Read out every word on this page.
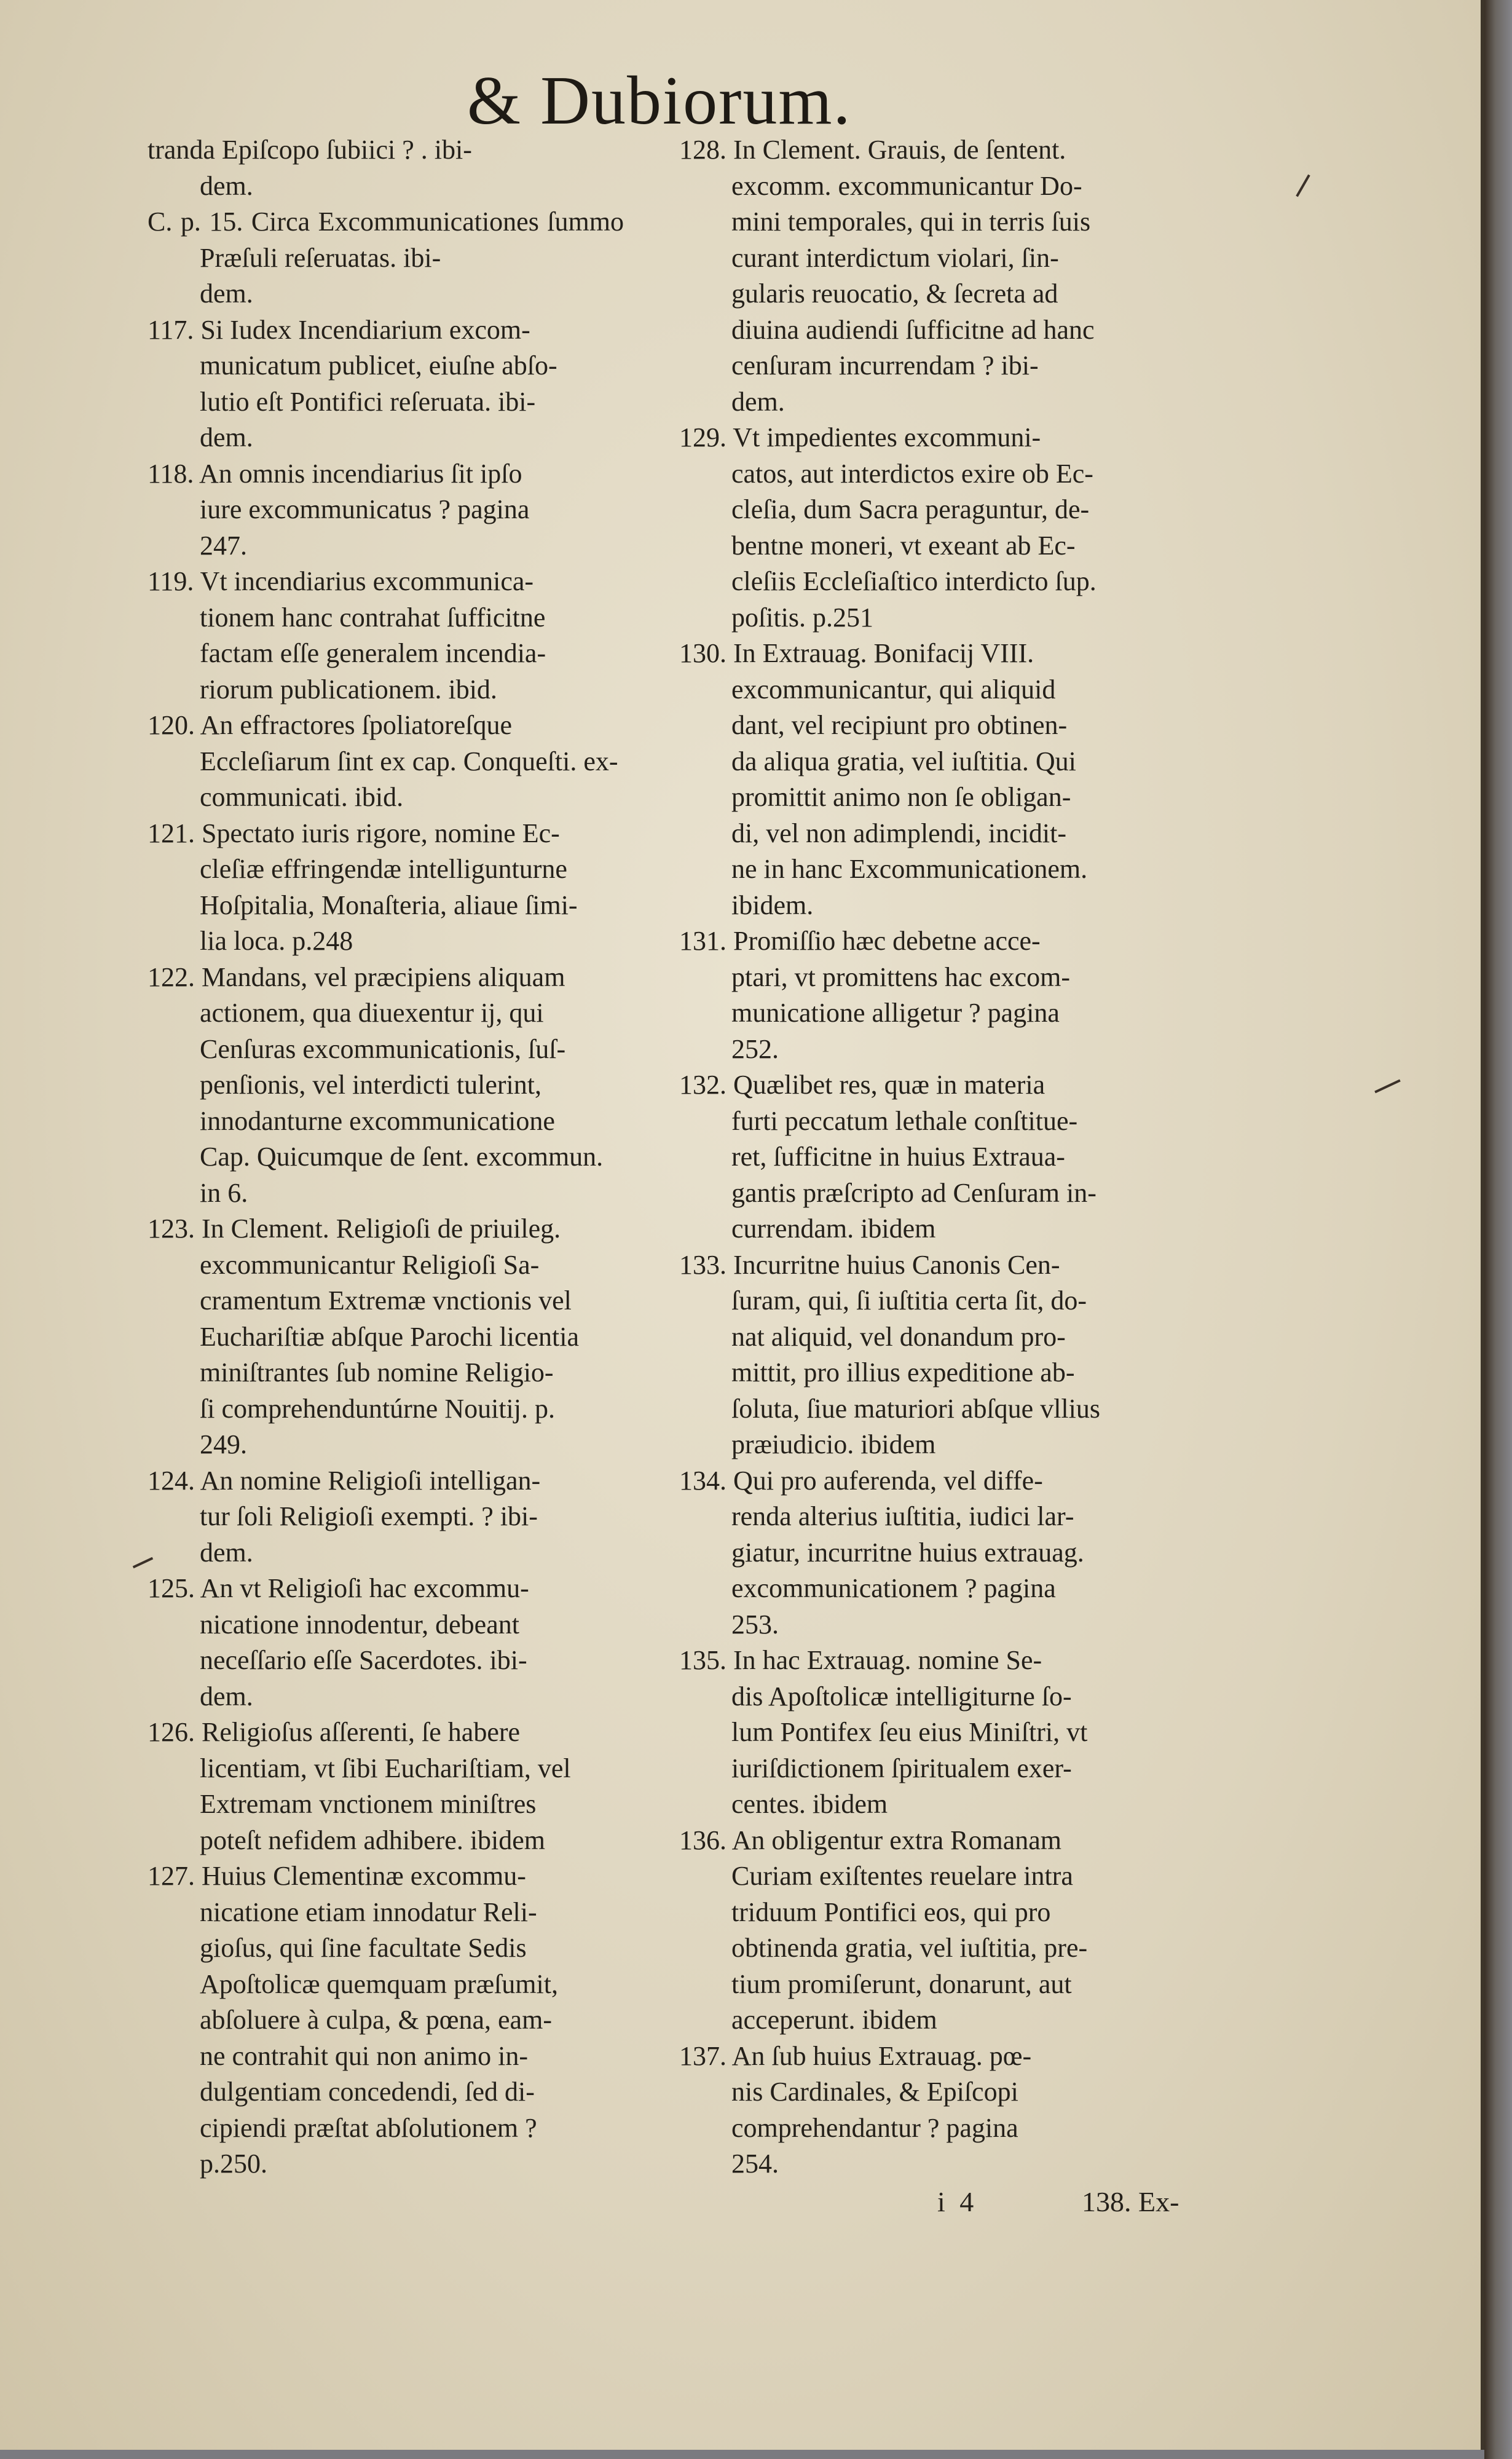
& Dubiorum.

tranda Epiſcopo ſubiici ? . ibi-
dem.

C. p. 15. Circa Excommunicationes ſummo Præſuli reſeruatas. ibi-
dem.

117. Si Iudex Incendiarium excom-
municatum publicet, eiuſne abſo-
lutio eſt Pontifici reſeruata. ibi-
dem.

118. An omnis incendiarius ſit ipſo
iure excommunicatus ? pagina
247.

119. Vt incendiarius excommunica-
tionem hanc contrahat ſufficitne
factam eſſe generalem incendia-
riorum publicationem. ibid.

120. An effractores ſpoliatoreſque
Eccleſiarum ſint ex cap. Conqueſti. ex-
communicati. ibid.

121. Spectato iuris rigore, nomine Ec-
cleſiæ effringendæ intelligunturne
Hoſpitalia, Monaſteria, aliaue ſimi-
lia loca. p.248

122. Mandans, vel præcipiens aliquam
actionem, qua diuexentur ij, qui
Cenſuras excommunicationis, ſuſ-
penſionis, vel interdicti tulerint,
innodanturne excommunicatione
Cap. Quicumque de ſent. excommun.
in 6.

123. In Clement. Religioſi de priuileg.
excommunicantur Religioſi Sa-
cramentum Extremæ vnctionis vel
Euchariſtiæ abſque Parochi licentia
miniſtrantes ſub nomine Religio-
ſi comprehenduntúrne Nouitij. p.
249.

124. An nomine Religioſi intelligan-
tur ſoli Religioſi exempti. ? ibi-
dem.

125. An vt Religioſi hac excommu-
nicatione innodentur, debeant
neceſſario eſſe Sacerdotes. ibi-
dem.

126. Religioſus aſſerenti, ſe habere
licentiam, vt ſibi Euchariſtiam, vel
Extremam vnctionem miniſtres
poteſt nefidem adhibere. ibidem

127. Huius Clementinæ excommu-
nicatione etiam innodatur Reli-
gioſus, qui ſine facultate Sedis
Apoſtolicæ quemquam præſumit,
abſoluere à culpa, & pœna, eam-
ne contrahit qui non animo in-
dulgentiam concedendi, ſed di-
cipiendi præſtat abſolutionem ?
p.250.

128. In Clement. Grauis, de ſentent.
excomm. excommunicantur Do-
mini temporales, qui in terris ſuis
curant interdictum violari, ſin-
gularis reuocatio, & ſecreta ad
diuina audiendi ſufficitne ad hanc
cenſuram incurrendam ? ibi-
dem.

129. Vt impedientes excommuni-
catos, aut interdictos exire ob Ec-
cleſia, dum Sacra peraguntur, de-
bentne moneri, vt exeant ab Ec-
cleſiis Eccleſiaſtico interdicto ſup.
poſitis. p.251

130. In Extrauag. Bonifacij VIII.
excommunicantur, qui aliquid
dant, vel recipiunt pro obtinen-
da aliqua gratia, vel iuſtitia. Qui
promittit animo non ſe obligan-
di, vel non adimplendi, incidit-
ne in hanc Excommunicationem.
ibidem.

131. Promiſſio hæc debetne acce-
ptari, vt promittens hac excom-
municatione alligetur ? pagina
252.

132. Quælibet res, quæ in materia
furti peccatum lethale conſtitue-
ret, ſufficitne in huius Extraua-
gantis præſcripto ad Cenſuram in-
currendam. ibidem

133. Incurritne huius Canonis Cen-
ſuram, qui, ſi iuſtitia certa ſit, do-
nat aliquid, vel donandum pro-
mittit, pro illius expeditione ab-
ſoluta, ſiue maturiori abſque vllius
præiudicio. ibidem

134. Qui pro auferenda, vel diffe-
renda alterius iuſtitia, iudici lar-
giatur, incurritne huius extrauag.
excommunicationem ? pagina
253.

135. In hac Extrauag. nomine Se-
dis Apoſtolicæ intelligiturne ſo-
lum Pontifex ſeu eius Miniſtri, vt
iuriſdictionem ſpiritualem exer-
centes. ibidem

136. An obligentur extra Romanam
Curiam exiſtentes reuelare intra
triduum Pontifici eos, qui pro
obtinenda gratia, vel iuſtitia, pre-
tium promiſerunt, donarunt, aut
acceperunt. ibidem

137. An ſub huius Extrauag. pœ-
nis Cardinales, & Epiſcopi
comprehendantur ? pagina
254.

i 4	138. Ex-
